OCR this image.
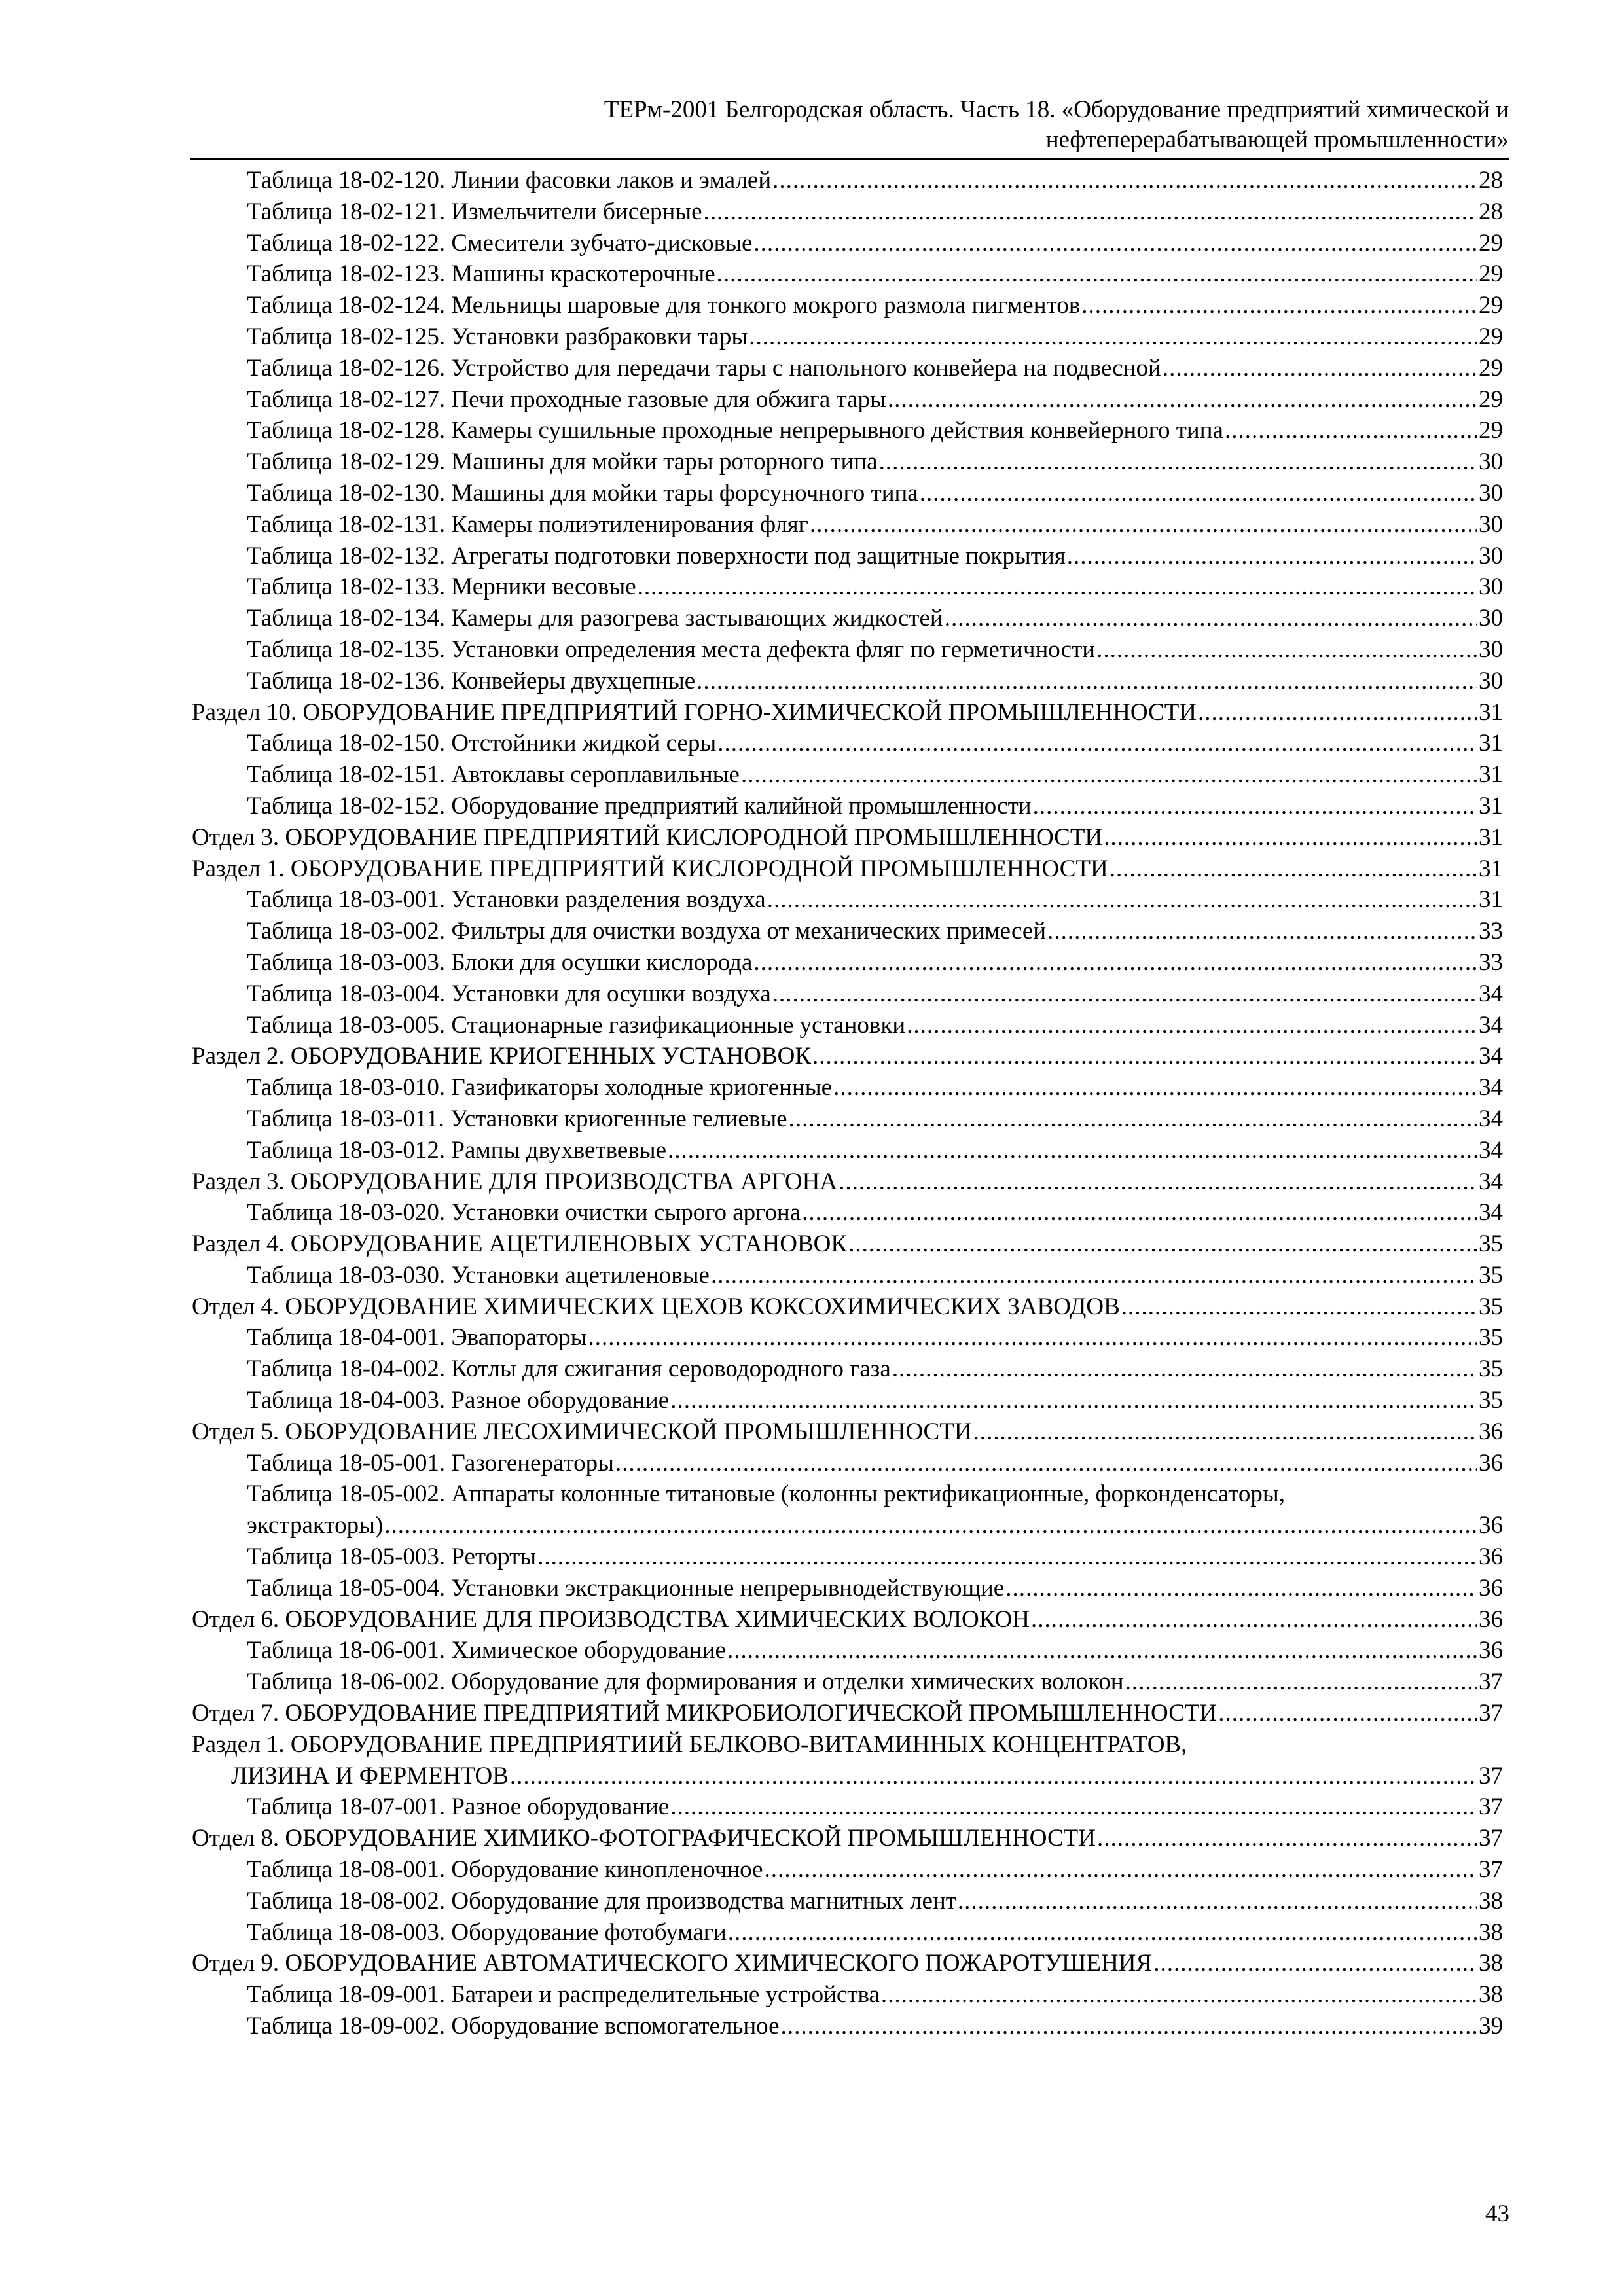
ТЕРм-2001 Белгородская область. Часть 18. «Оборудование предприятий химической и
нефтеперерабатывающей промышленности»
Таблица 18-02-120. Линии фасовки лаков и эмалей .....	28
Таблица 18-02-121. Измельчители бисерные .....	28
Таблица 18-02-122. Смесители зубчато-дисковые .....	29
Таблица 18-02-123. Машины краскотерочные .....	29
Таблица 18-02-124. Мельницы шаровые для тонкого мокрого размола пигментов .....	29
Таблица 18-02-125. Установки разбраковки тары .....	29
Таблица 18-02-126. Устройство для передачи тары с напольного конвейера на подвесной .....	29
Таблица 18-02-127. Печи проходные газовые для обжига тары .....	29
Таблица 18-02-128. Камеры сушильные проходные непрерывного действия конвейерного типа .....	29
Таблица 18-02-129. Машины для мойки тары роторного типа .....	30
Таблица 18-02-130. Машины для мойки тары форсуночного типа .....	30
Таблица 18-02-131. Камеры полиэтиленирования фляг .....	30
Таблица 18-02-132. Агрегаты подготовки поверхности под защитные покрытия .....	30
Таблица 18-02-133. Мерники весовые .....	30
Таблица 18-02-134. Камеры для разогрева застывающих жидкостей .....	30
Таблица 18-02-135. Установки определения места дефекта фляг по герметичности .....	30
Таблица 18-02-136. Конвейеры двухцепные .....	30
Раздел 10. ОБОРУДОВАНИЕ ПРЕДПРИЯТИЙ ГОРНО-ХИМИЧЕСКОЙ ПРОМЫШЛЕННОСТИ .....	31
Таблица 18-02-150. Отстойники жидкой серы .....	31
Таблица 18-02-151. Автоклавы сероплавильные .....	31
Таблица 18-02-152. Оборудование предприятий калийной промышленности .....	31
Отдел 3. ОБОРУДОВАНИЕ ПРЕДПРИЯТИЙ КИСЛОРОДНОЙ ПРОМЫШЛЕННОСТИ .....	31
Раздел 1. ОБОРУДОВАНИЕ ПРЕДПРИЯТИЙ КИСЛОРОДНОЙ ПРОМЫШЛЕННОСТИ .....	31
Таблица 18-03-001. Установки разделения воздуха .....	31
Таблица 18-03-002. Фильтры для очистки воздуха от механических примесей .....	33
Таблица 18-03-003. Блоки для осушки кислорода .....	33
Таблица 18-03-004. Установки для осушки воздуха .....	34
Таблица 18-03-005. Стационарные газификационные установки .....	34
Раздел 2. ОБОРУДОВАНИЕ КРИОГЕННЫХ УСТАНОВОК .....	34
Таблица 18-03-010. Газификаторы холодные криогенные .....	34
Таблица 18-03-011. Установки криогенные гелиевые .....	34
Таблица 18-03-012. Рампы двухветвевые .....	34
Раздел 3. ОБОРУДОВАНИЕ ДЛЯ ПРОИЗВОДСТВА АРГОНА .....	34
Таблица 18-03-020. Установки очистки сырого аргона .....	34
Раздел 4. ОБОРУДОВАНИЕ АЦЕТИЛЕНОВЫХ УСТАНОВОК .....	35
Таблица 18-03-030. Установки ацетиленовые .....	35
Отдел 4. ОБОРУДОВАНИЕ ХИМИЧЕСКИХ ЦЕХОВ КОКСОХИМИЧЕСКИХ ЗАВОДОВ .....	35
Таблица 18-04-001. Эвапораторы .....	35
Таблица 18-04-002. Котлы для сжигания сероводородного газа .....	35
Таблица 18-04-003. Разное оборудование .....	35
Отдел 5. ОБОРУДОВАНИЕ ЛЕСОХИМИЧЕСКОЙ ПРОМЫШЛЕННОСТИ .....	36
Таблица 18-05-001. Газогенераторы .....	36
Таблица 18-05-002. Аппараты колонные титановые (колонны ректификационные, форконденсаторы,
экстракторы) .....	36
Таблица 18-05-003. Реторты .....	36
Таблица 18-05-004. Установки экстракционные непрерывнодействующие .....	36
Отдел 6. ОБОРУДОВАНИЕ ДЛЯ ПРОИЗВОДСТВА ХИМИЧЕСКИХ ВОЛОКОН .....	36
Таблица 18-06-001. Химическое оборудование .....	36
Таблица 18-06-002. Оборудование для формирования и отделки химических волокон .....	37
Отдел 7. ОБОРУДОВАНИЕ ПРЕДПРИЯТИЙ МИКРОБИОЛОГИЧЕСКОЙ ПРОМЫШЛЕННОСТИ .....	37
Раздел 1. ОБОРУДОВАНИЕ ПРЕДПРИЯТИИЙ БЕЛКОВО-ВИТАМИННЫХ КОНЦЕНТРАТОВ,
ЛИЗИНА И ФЕРМЕНТОВ .....	37
Таблица 18-07-001. Разное оборудование .....	37
Отдел 8. ОБОРУДОВАНИЕ ХИМИКО-ФОТОГРАФИЧЕСКОЙ ПРОМЫШЛЕННОСТИ .....	37
Таблица 18-08-001. Оборудование кинопленочное .....	37
Таблица 18-08-002. Оборудование для производства магнитных лент .....	38
Таблица 18-08-003. Оборудование фотобумаги .....	38
Отдел 9. ОБОРУДОВАНИЕ АВТОМАТИЧЕСКОГО ХИМИЧЕСКОГО ПОЖАРОТУШЕНИЯ .....	38
Таблица 18-09-001. Батареи и распределительные устройства .....	38
Таблица 18-09-002. Оборудование вспомогательное .....	39
43
